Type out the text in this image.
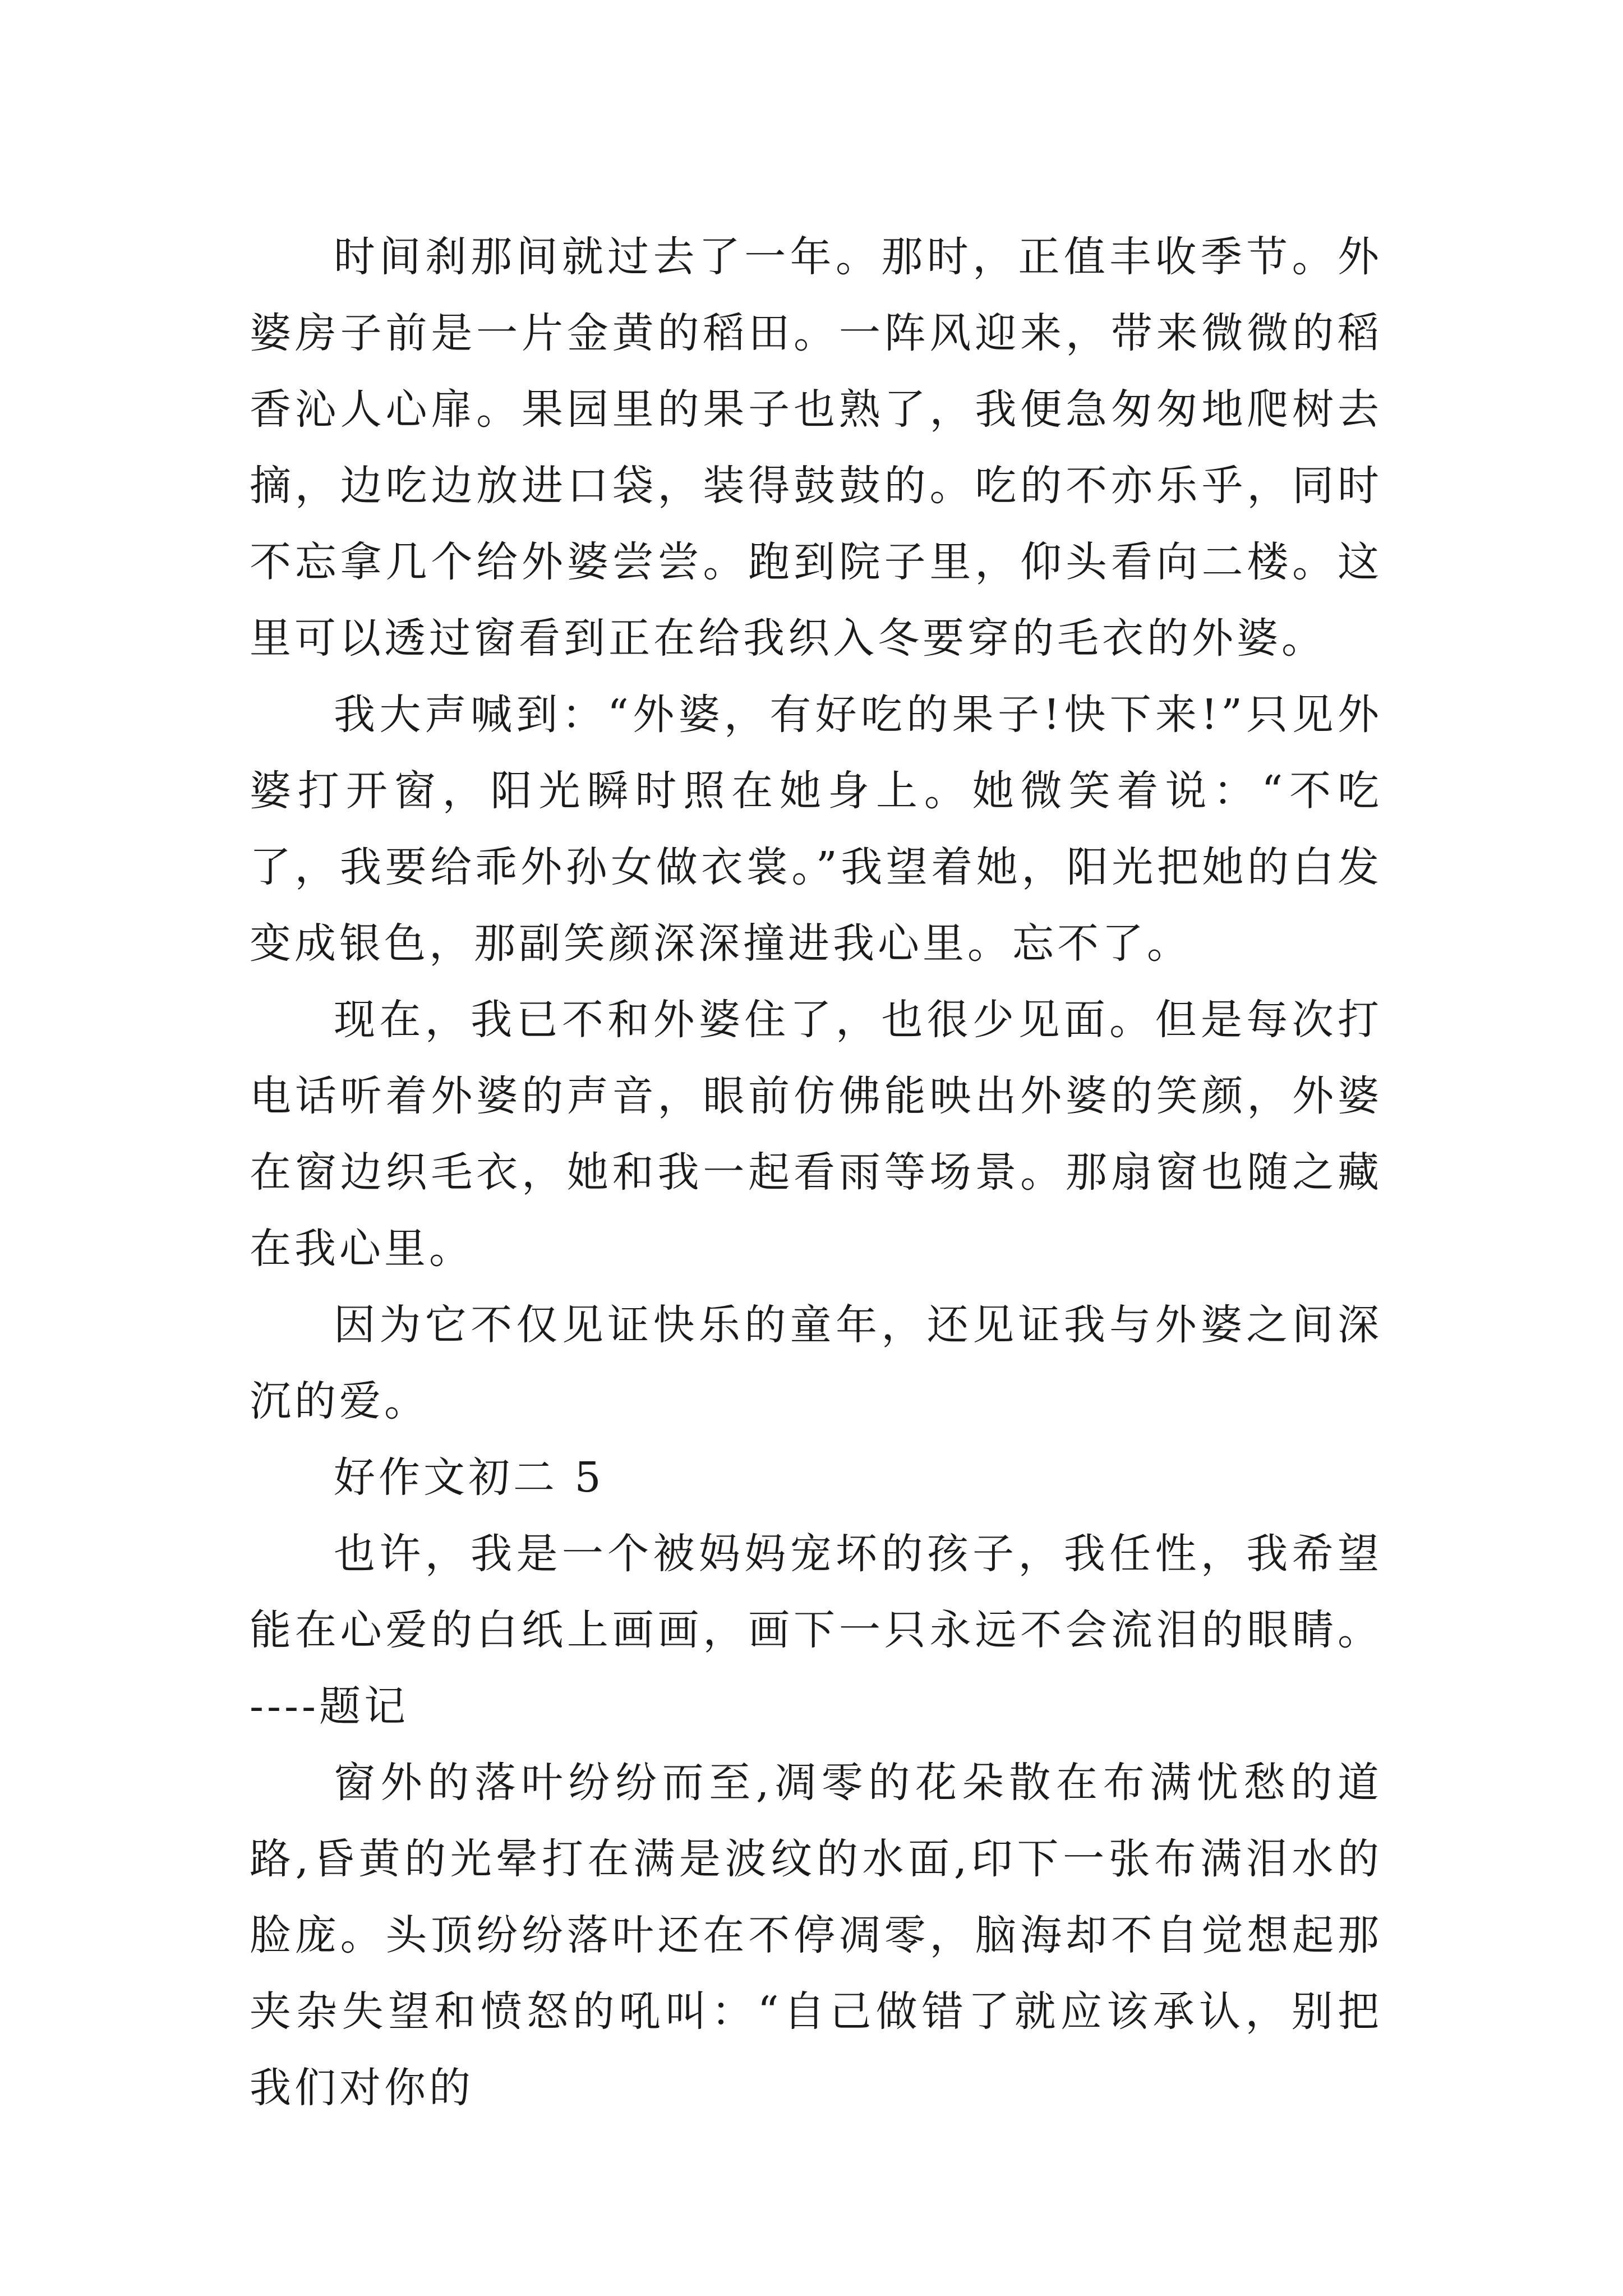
时间刹那间就过去了一年。那时，正值丰收季节。外婆房子前是一片金黄的稻田。一阵风迎来，带来微微的稻香沁人心扉。果园里的果子也熟了，我便急匆匆地爬树去摘，边吃边放进口袋，装得鼓鼓的。吃的不亦乐乎，同时不忘拿几个给外婆尝尝。跑到院子里，仰头看向二楼。这里可以透过窗看到正在给我织入冬要穿的毛衣的外婆。

我大声喊到：“外婆，有好吃的果子!快下来!”只见外婆打开窗，阳光瞬时照在她身上。她微笑着说：“不吃了，我要给乖外孙女做衣裳。”我望着她，阳光把她的白发变成银色，那副笑颜深深撞进我心里。忘不了。

现在，我已不和外婆住了，也很少见面。但是每次打电话听着外婆的声音，眼前仿佛能映出外婆的笑颜，外婆在窗边织毛衣，她和我一起看雨等场景。那扇窗也随之藏在我心里。

因为它不仅见证快乐的童年，还见证我与外婆之间深沉的爱。

好作文初二 5

也许，我是一个被妈妈宠坏的孩子，我任性，我希望能在心爱的白纸上画画，画下一只永远不会流泪的眼睛。----题记

窗外的落叶纷纷而至,凋零的花朵散在布满忧愁的道路,昏黄的光晕打在满是波纹的水面,印下一张布满泪水的脸庞。头顶纷纷落叶还在不停凋零，脑海却不自觉想起那夹杂失望和愤怒的吼叫：“自己做错了就应该承认，别把我们对你的
